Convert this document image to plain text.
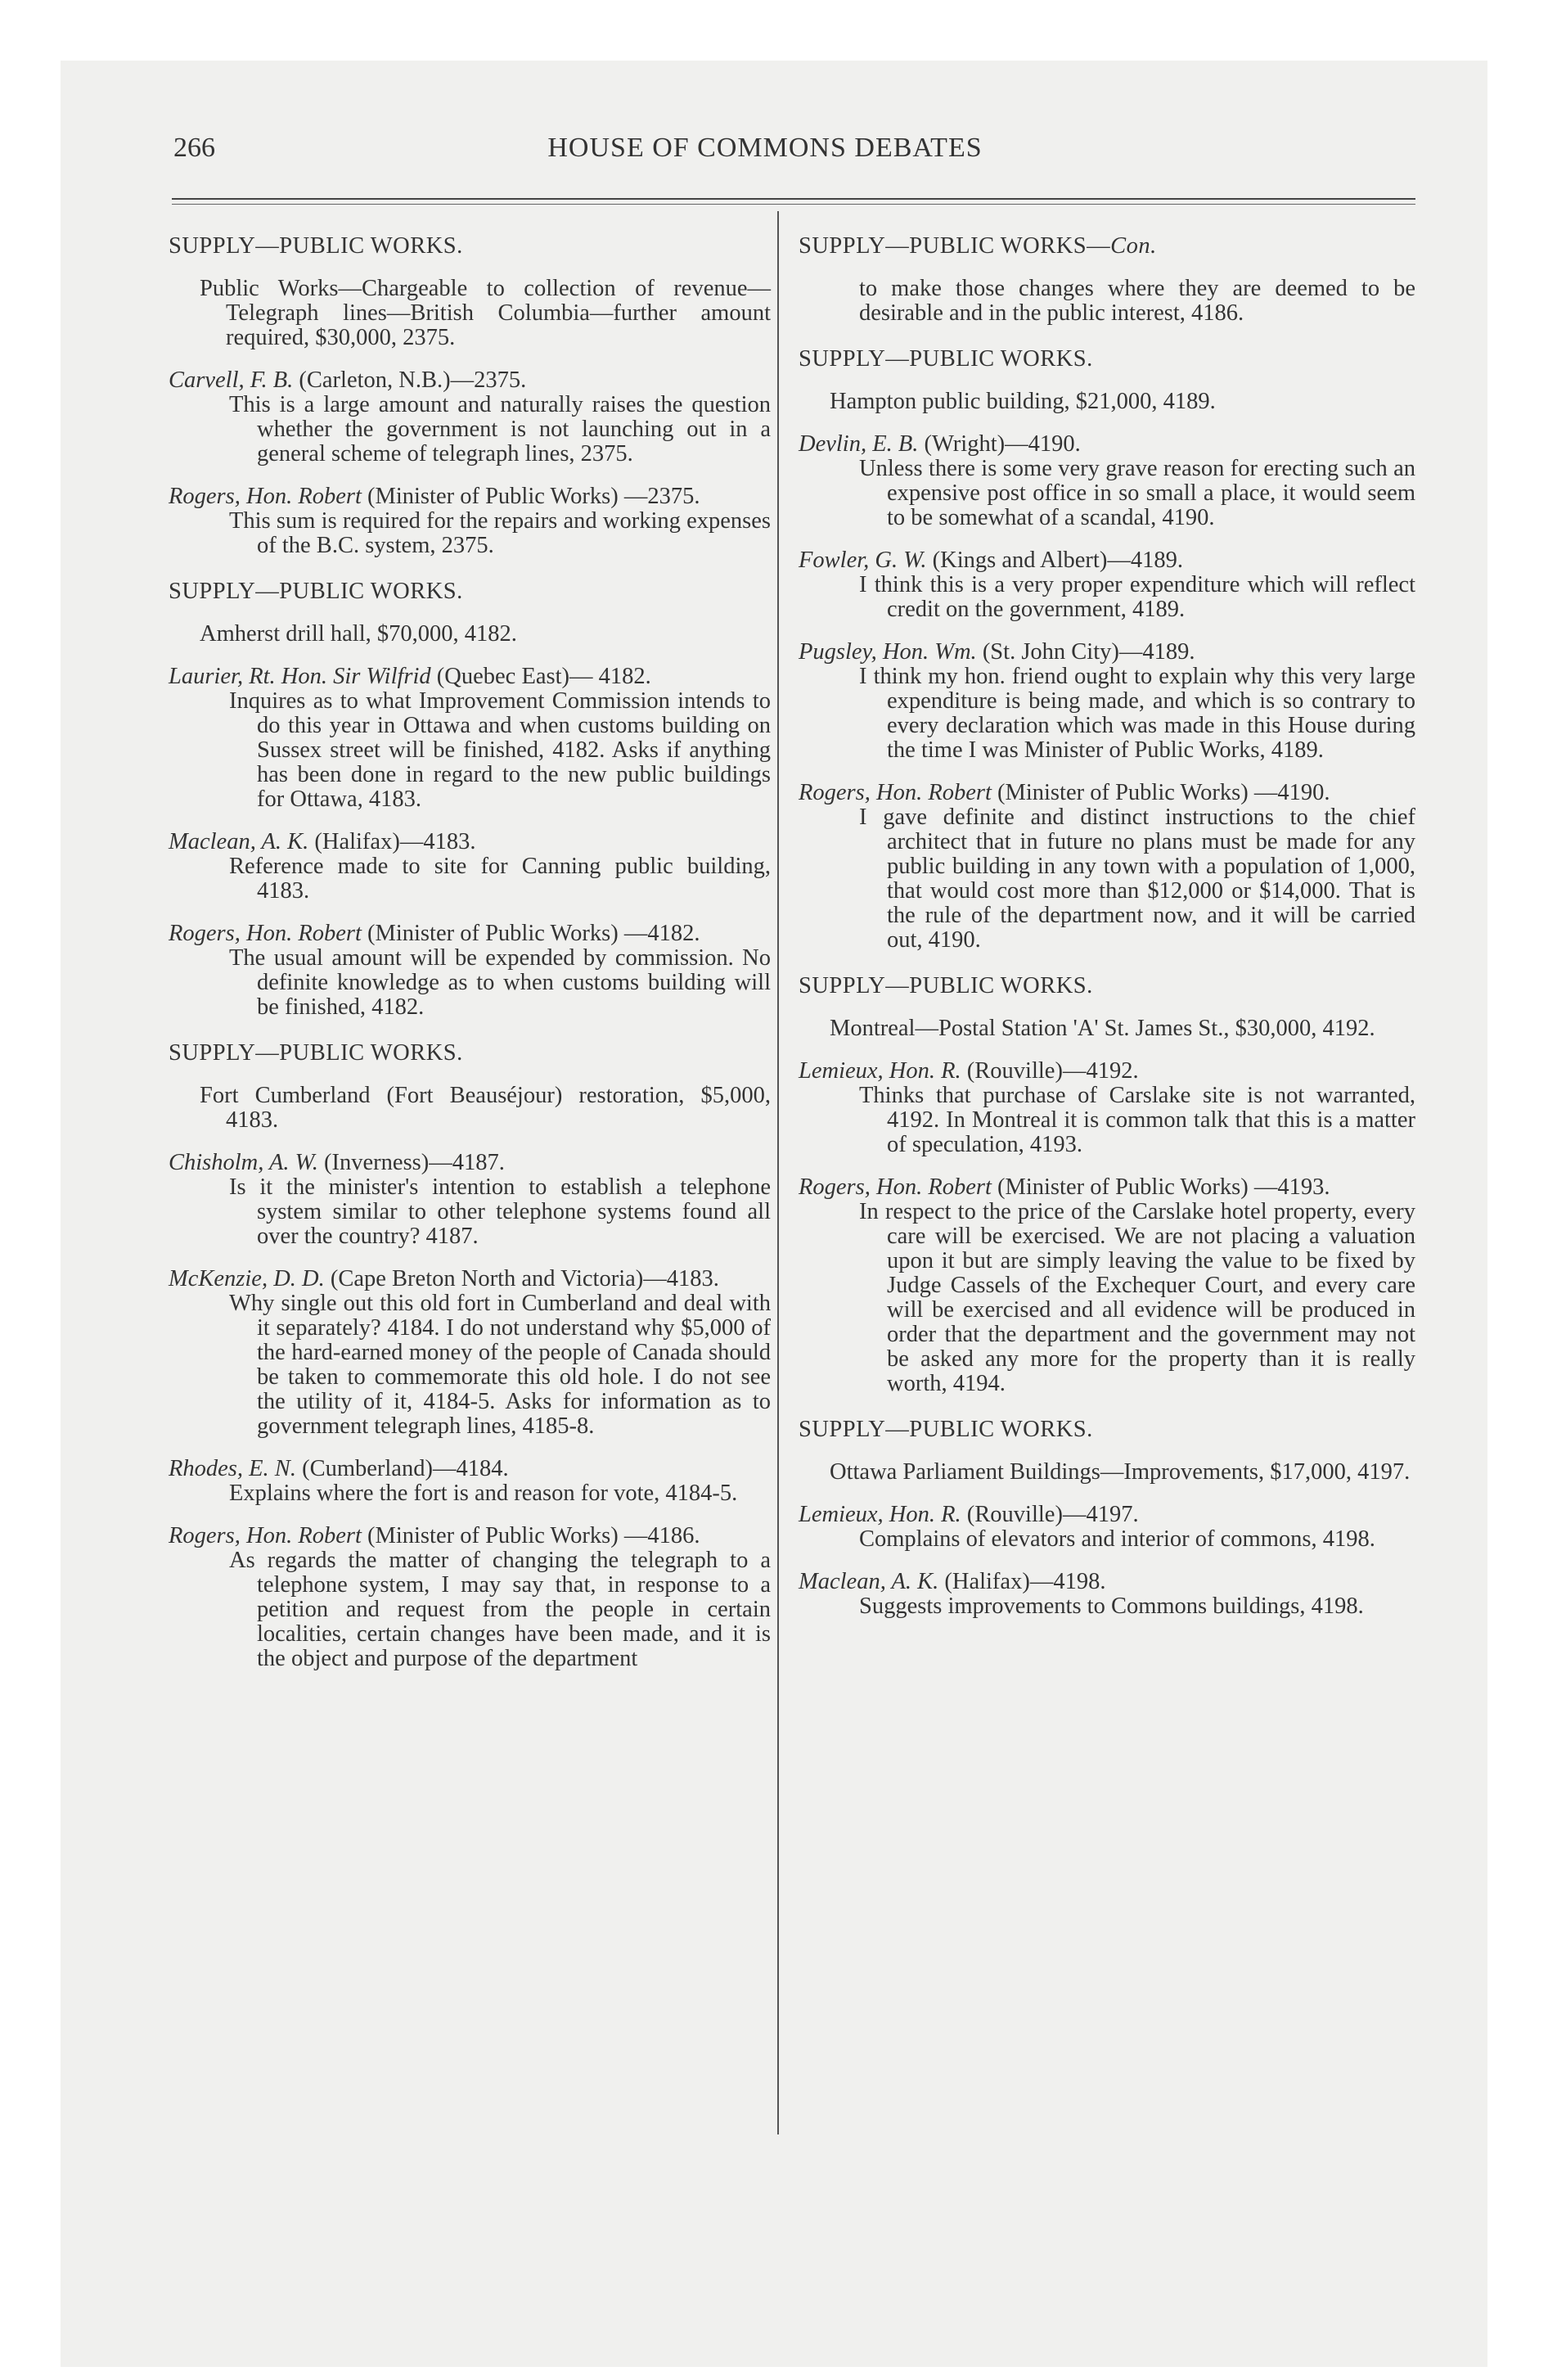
266	HOUSE OF COMMONS DEBATES
SUPPLY—PUBLIC WORKS.
Public Works—Chargeable to collection of revenue—Telegraph lines—British Columbia—further amount required, $30,000, 2375.
Carvell, F. B. (Carleton, N.B.)—2375.
This is a large amount and naturally raises the question whether the government is not launching out in a general scheme of telegraph lines, 2375.
Rogers, Hon. Robert (Minister of Public Works) —2375.
This sum is required for the repairs and working expenses of the B.C. system, 2375.
SUPPLY—PUBLIC WORKS.
Amherst drill hall, $70,000, 4182.
Laurier, Rt. Hon. Sir Wilfrid (Quebec East)— 4182.
Inquires as to what Improvement Commission intends to do this year in Ottawa and when customs building on Sussex street will be finished, 4182. Asks if anything has been done in regard to the new public buildings for Ottawa, 4183.
Maclean, A. K. (Halifax)—4183.
Reference made to site for Canning public building, 4183.
Rogers, Hon. Robert (Minister of Public Works) —4182.
The usual amount will be expended by commission. No definite knowledge as to when customs building will be finished, 4182.
SUPPLY—PUBLIC WORKS.
Fort Cumberland (Fort Beauséjour) restoration, $5,000, 4183.
Chisholm, A. W. (Inverness)—4187.
Is it the minister's intention to establish a telephone system similar to other telephone systems found all over the country? 4187.
McKenzie, D. D. (Cape Breton North and Victoria)—4183.
Why single out this old fort in Cumberland and deal with it separately? 4184. I do not understand why $5,000 of the hard-earned money of the people of Canada should be taken to commemorate this old hole. I do not see the utility of it, 4184-5. Asks for information as to government telegraph lines, 4185-8.
Rhodes, E. N. (Cumberland)—4184.
Explains where the fort is and reason for vote, 4184-5.
Rogers, Hon. Robert (Minister of Public Works) —4186.
As regards the matter of changing the telegraph to a telephone system, I may say that, in response to a petition and request from the people in certain localities, certain changes have been made, and it is the object and purpose of the department
SUPPLY—PUBLIC WORKS—Con.
to make those changes where they are deemed to be desirable and in the public interest, 4186.
SUPPLY—PUBLIC WORKS.
Hampton public building, $21,000, 4189.
Devlin, E. B. (Wright)—4190.
Unless there is some very grave reason for erecting such an expensive post office in so small a place, it would seem to be somewhat of a scandal, 4190.
Fowler, G. W. (Kings and Albert)—4189.
I think this is a very proper expenditure which will reflect credit on the government, 4189.
Pugsley, Hon. Wm. (St. John City)—4189.
I think my hon. friend ought to explain why this very large expenditure is being made, and which is so contrary to every declaration which was made in this House during the time I was Minister of Public Works, 4189.
Rogers, Hon. Robert (Minister of Public Works) —4190.
I gave definite and distinct instructions to the chief architect that in future no plans must be made for any public building in any town with a population of 1,000, that would cost more than $12,000 or $14,000. That is the rule of the department now, and it will be carried out, 4190.
SUPPLY—PUBLIC WORKS.
Montreal—Postal Station 'A' St. James St., $30,000, 4192.
Lemieux, Hon. R. (Rouville)—4192.
Thinks that purchase of Carslake site is not warranted, 4192. In Montreal it is common talk that this is a matter of speculation, 4193.
Rogers, Hon. Robert (Minister of Public Works) —4193.
In respect to the price of the Carslake hotel property, every care will be exercised. We are not placing a valuation upon it but are simply leaving the value to be fixed by Judge Cassels of the Exchequer Court, and every care will be exercised and all evidence will be produced in order that the department and the government may not be asked any more for the property than it is really worth, 4194.
SUPPLY—PUBLIC WORKS.
Ottawa Parliament Buildings—Improvements, $17,000, 4197.
Lemieux, Hon. R. (Rouville)—4197.
Complains of elevators and interior of commons, 4198.
Maclean, A. K. (Halifax)—4198.
Suggests improvements to Commons buildings, 4198.
